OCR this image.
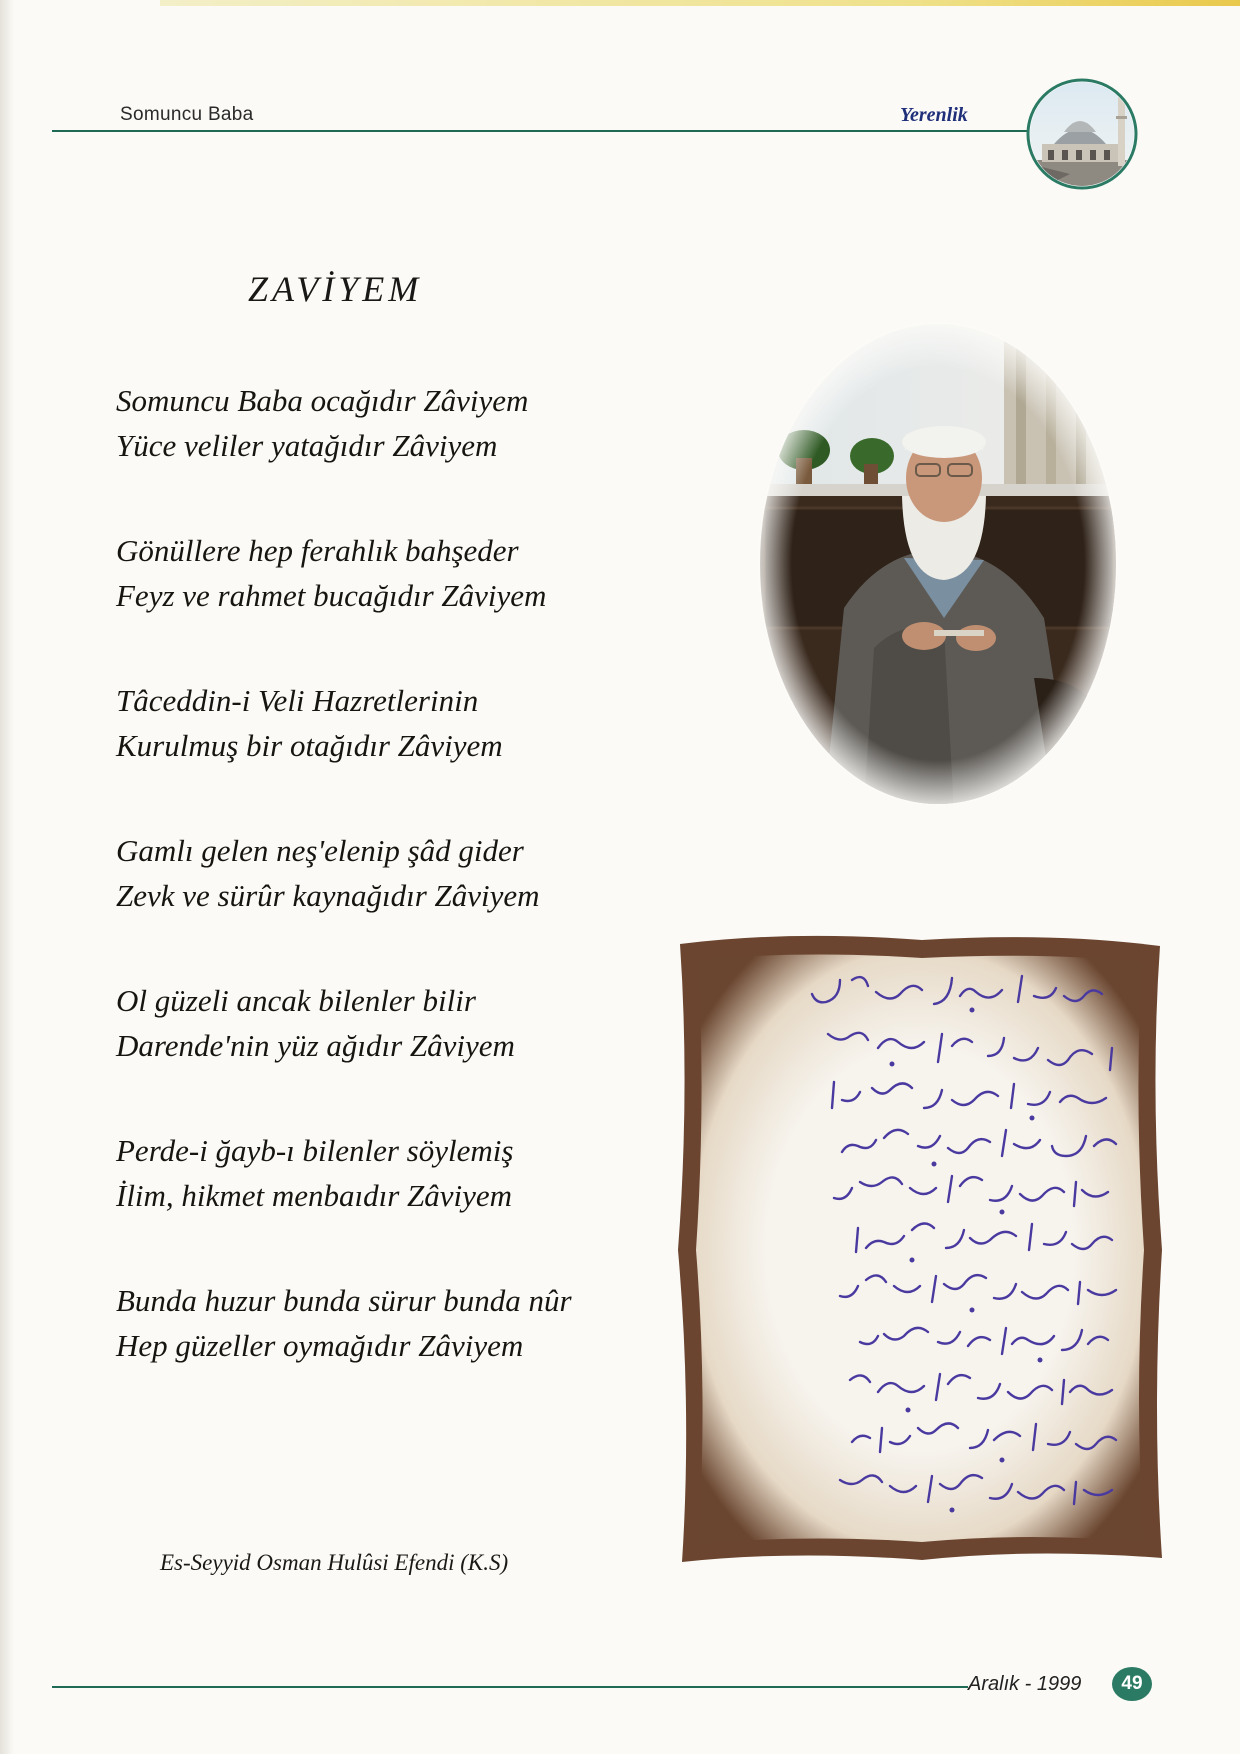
Somuncu Baba	Yerenlik
ZAVİYEM
Somuncu Baba ocağıdır Zâviyem
Yüce veliler yatağıdır Zâviyem
Gönüllere hep ferahlık bahşeder
Feyz ve rahmet bucağıdır Zâviyem
Tâceddin-i Veli Hazretlerinin
Kurulmuş bir otağıdır Zâviyem
Gamlı gelen neş'elenip şâd gider
Zevk ve sürûr kaynağıdır Zâviyem
Ol güzeli ancak bilenler bilir
Darende'nin yüz ağıdır Zâviyem
Perde-i ğayb-ı bilenler söylemiş
İlim, hikmet menbaıdır Zâviyem
Bunda huzur bunda sürur bunda nûr
Hep güzeller oymağıdır Zâviyem
Es-Seyyid Osman Hulûsi Efendi (K.S)
Aralık - 1999	49
